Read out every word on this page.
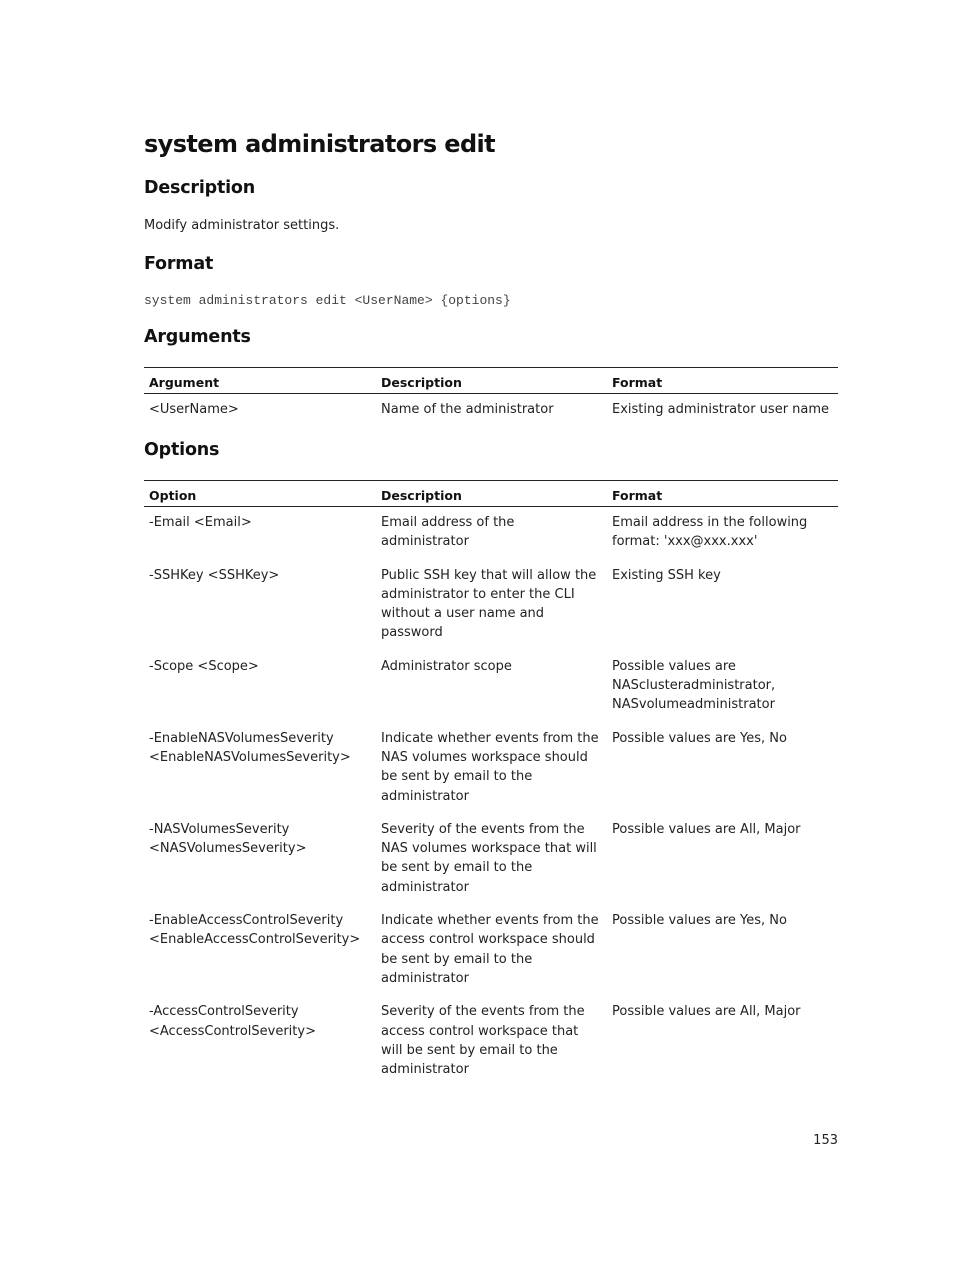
system administrators edit
Description

Modify administrator settings.

Format

system administrators edit <UserName> {options}

Arguments
Argument	Description	Format
<UserName>	Name of the administrator	Existing administrator user name
Options
Option	Description	Format
-Email <Email>	Email address of the administrator	Email address in the following format: 'xxx@xxx.xxx'
-SSHKey <SSHKey>	Public SSH key that will allow the administrator to enter the CLI without a user name and password	Existing SSH key
-Scope <Scope>	Administrator scope	Possible values are NASclusteradministrator, NASvolumeadministrator
-EnableNASVolumesSeverity <EnableNASVolumesSeverity>	Indicate whether events from the NAS volumes workspace should be sent by email to the administrator	Possible values are Yes, No
-NASVolumesSeverity <NASVolumesSeverity>	Severity of the events from the NAS volumes workspace that will be sent by email to the administrator	Possible values are All, Major
-EnableAccessControlSeverity <EnableAccessControlSeverity>	Indicate whether events from the access control workspace should be sent by email to the administrator	Possible values are Yes, No
-AccessControlSeverity <AccessControlSeverity>	Severity of the events from the access control workspace that will be sent by email to the administrator	Possible values are All, Major
153
